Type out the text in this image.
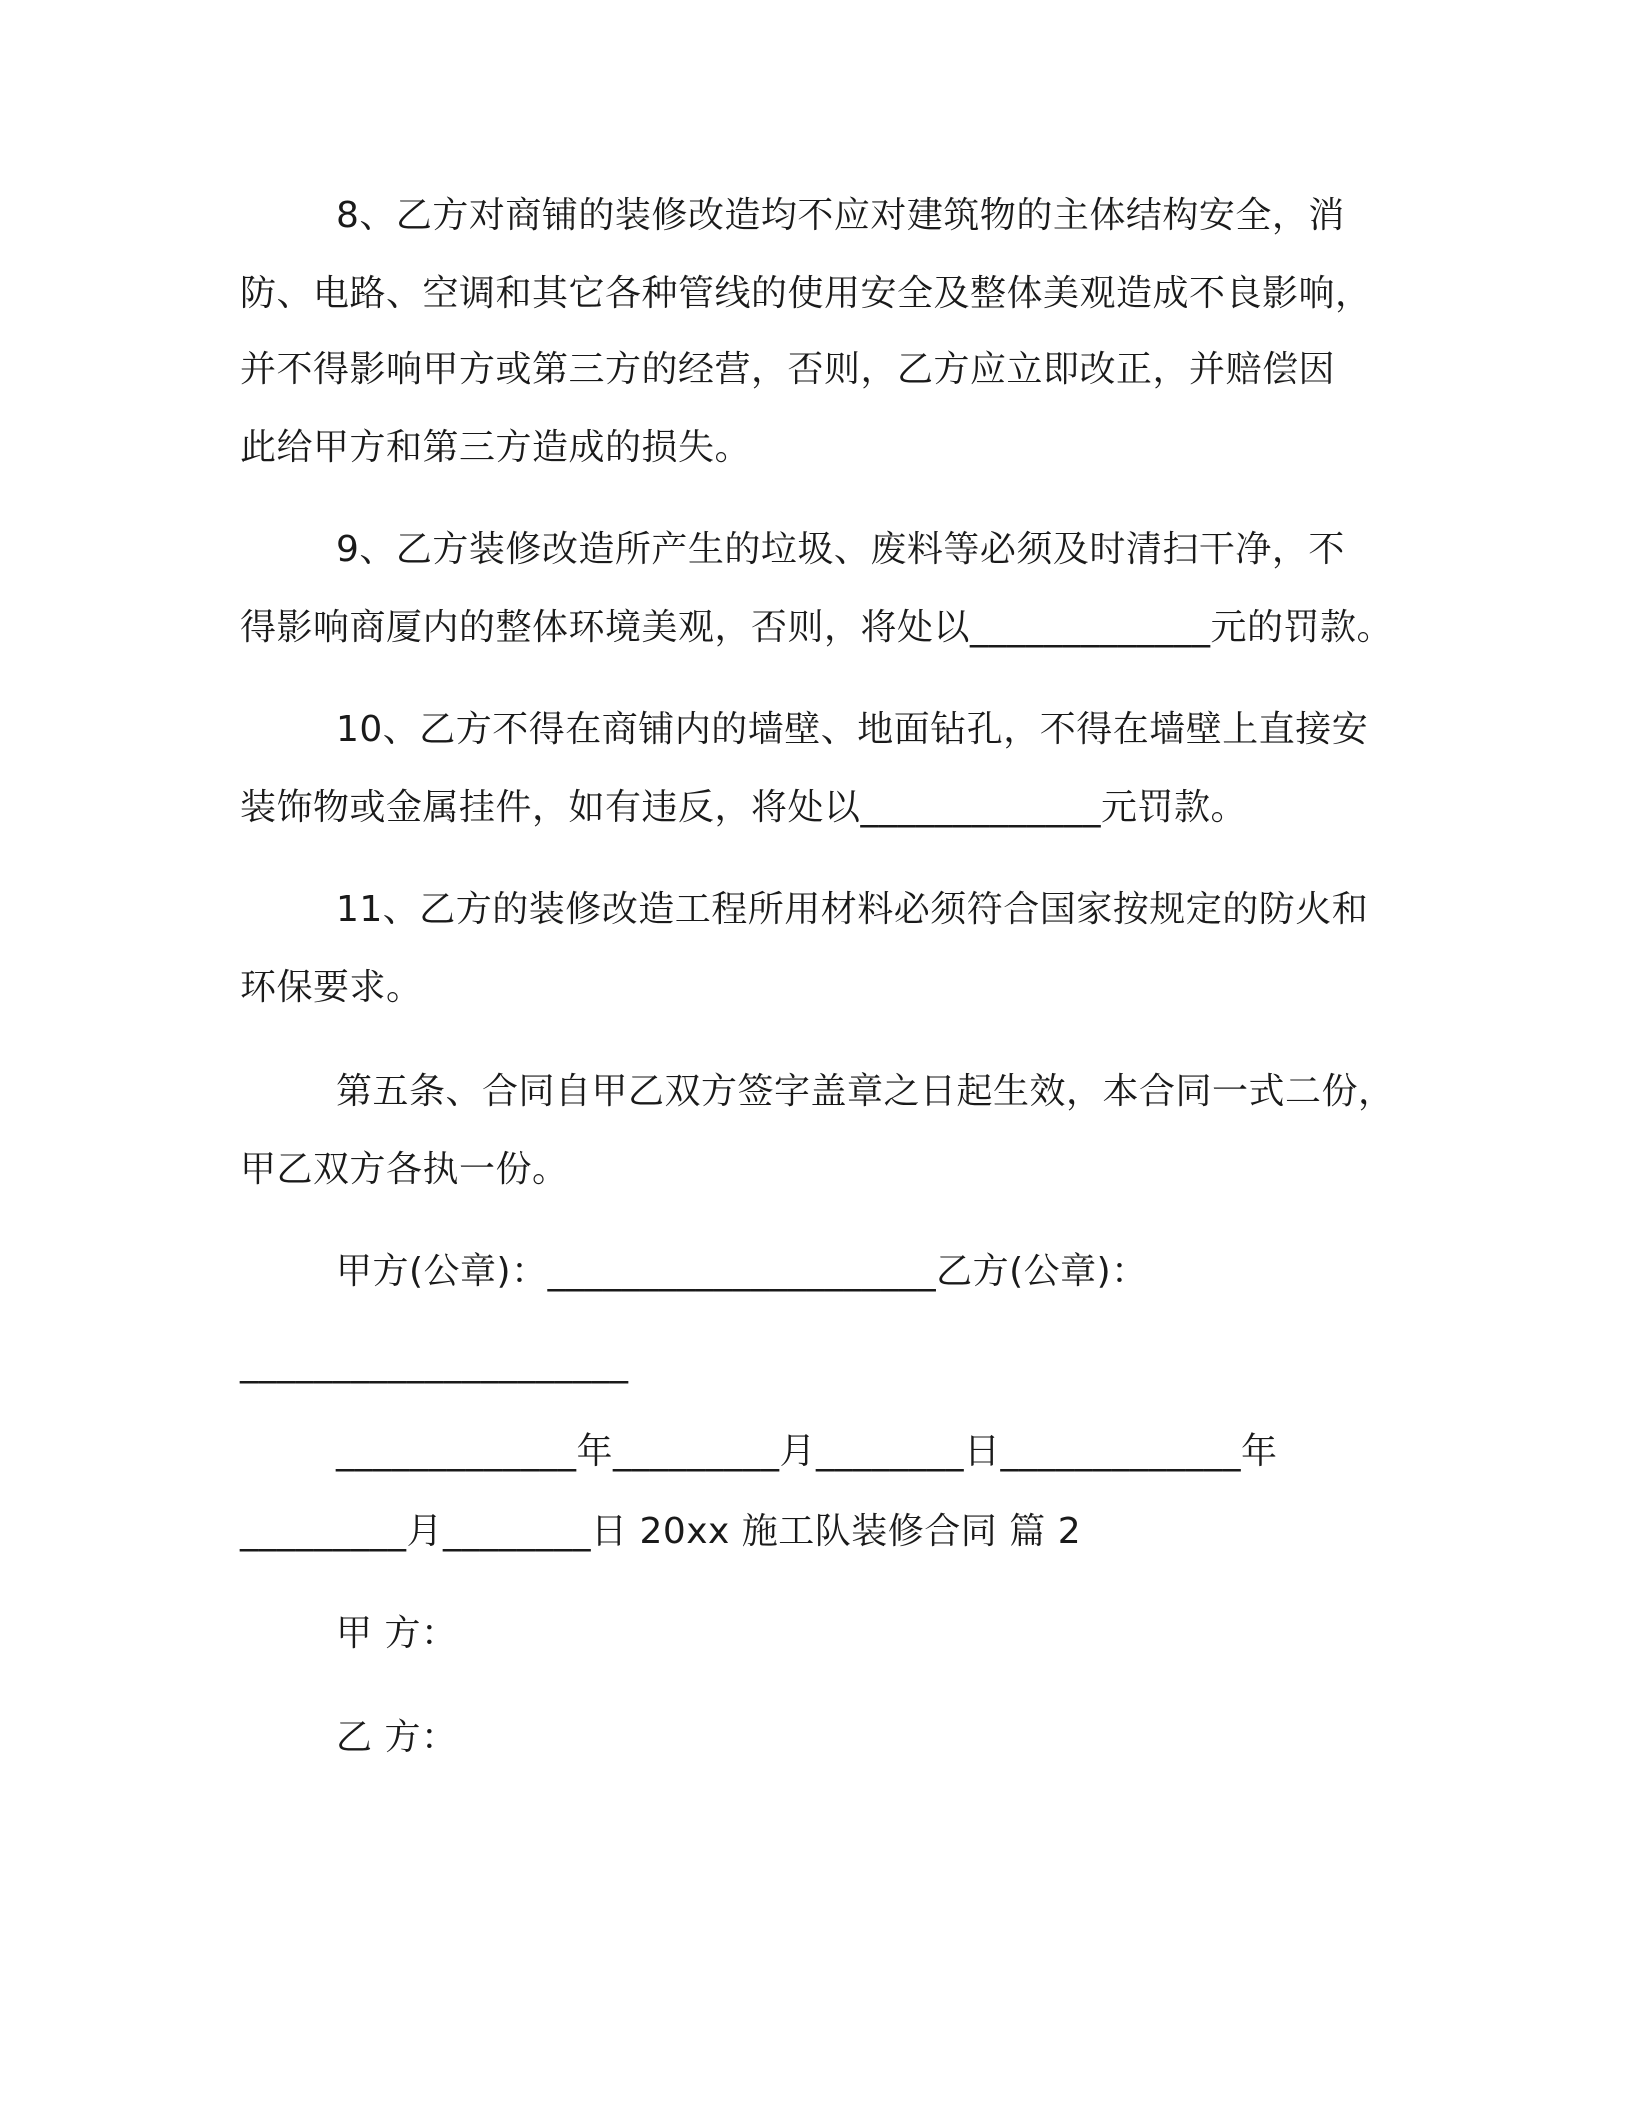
8、乙方对商铺的装修改造均不应对建筑物的主体结构安全，消
防、电路、空调和其它各种管线的使用安全及整体美观造成不良影响，
并不得影响甲方或第三方的经营，否则，乙方应立即改正，并赔偿因
此给甲方和第三方造成的损失。
9、乙方装修改造所产生的垃圾、废料等必须及时清扫干净，不
得影响商厦内的整体环境美观，否则，将处以_____________元的罚款。
10、乙方不得在商铺内的墙壁、地面钻孔，不得在墙壁上直接安
装饰物或金属挂件，如有违反，将处以_____________元罚款。
11、乙方的装修改造工程所用材料必须符合国家按规定的防火和
环保要求。
第五条、合同自甲乙双方签字盖章之日起生效，本合同一式二份，
甲乙双方各执一份。
甲方(公章)：_____________________乙方(公章)：
_____________________
_____________年_________月________日_____________年
_________月________日 20xx 施工队装修合同 篇 2
甲 方：
乙 方：
